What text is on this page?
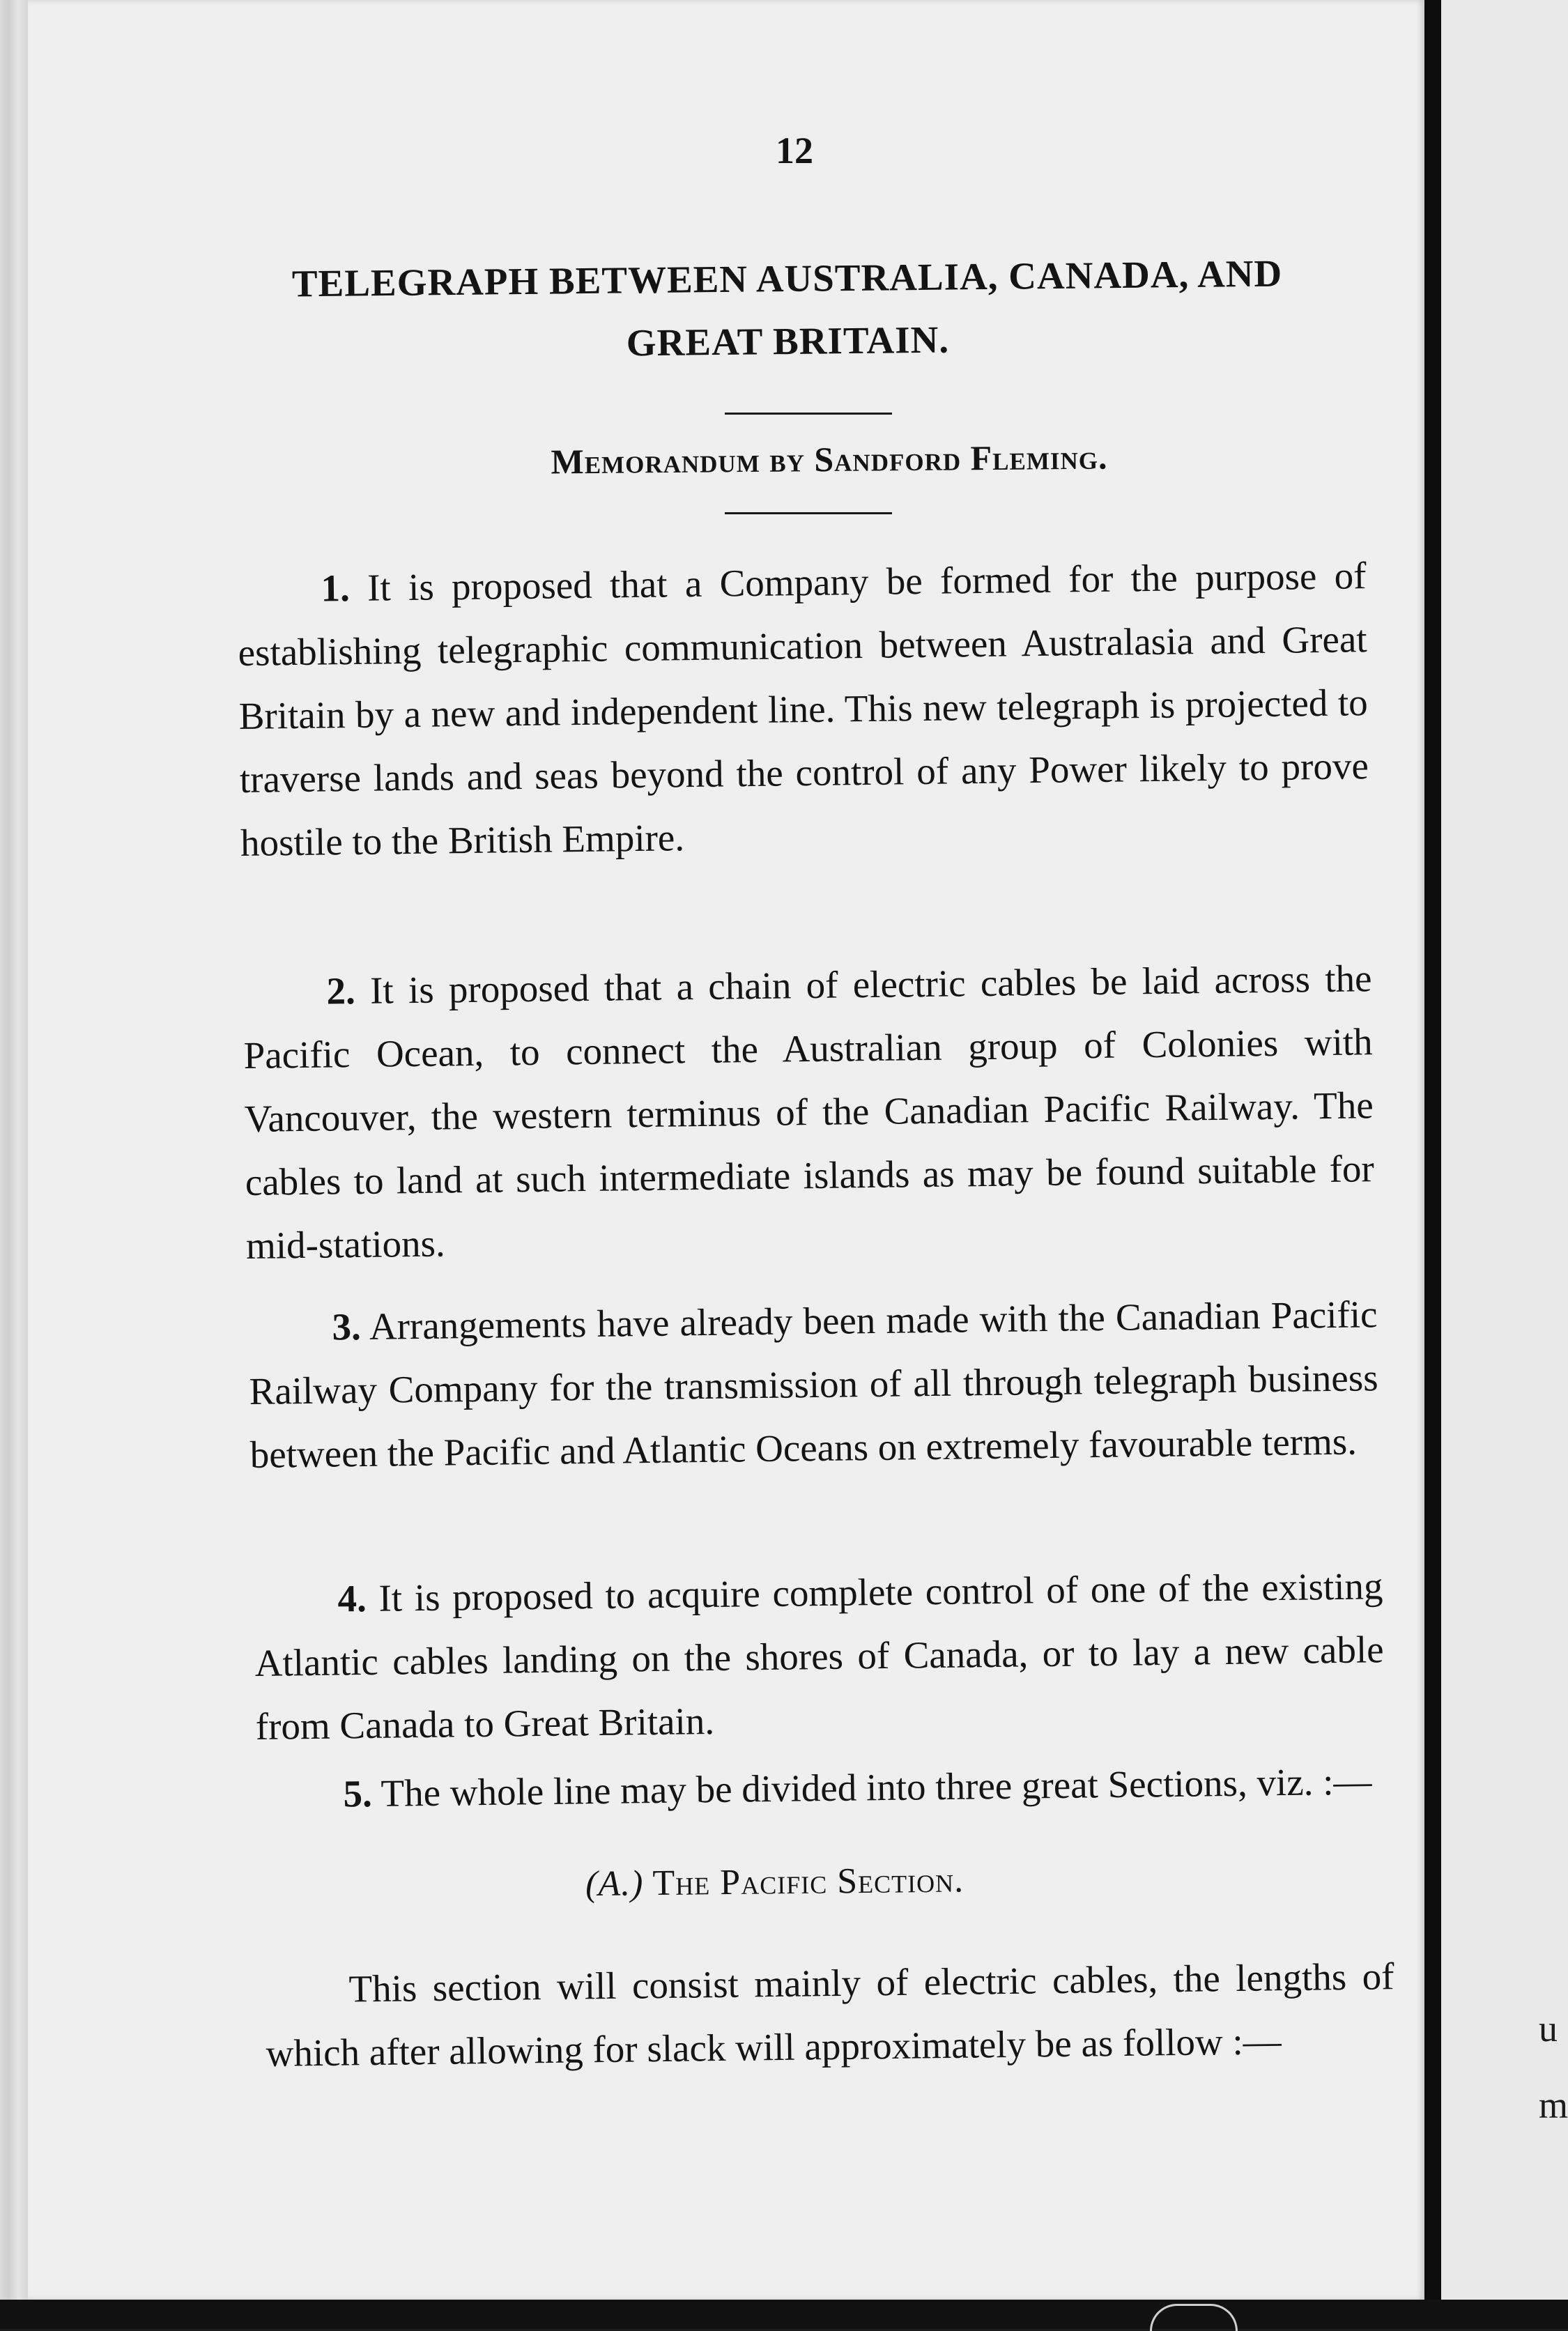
u
m
12
TELEGRAPH BETWEEN AUSTRALIA, CANADA, AND
GREAT BRITAIN.
Memorandum by Sandford Fleming.
1. It is proposed that a Company be formed for the purpose of establishing telegraphic communication between Australasia and Great Britain by a new and independent line. This new telegraph is projected to traverse lands and seas beyond the control of any Power likely to prove hostile to the British Empire.
2. It is proposed that a chain of electric cables be laid across the Pacific Ocean, to connect the Australian group of Colonies with Vancouver, the western terminus of the Canadian Pacific Railway. The cables to land at such intermediate islands as may be found suitable for mid-stations.
3. Arrangements have already been made with the Canadian Pacific Railway Company for the transmission of all through telegraph business between the Pacific and Atlantic Oceans on extremely favourable terms.
4. It is proposed to acquire complete control of one of the existing Atlantic cables landing on the shores of Canada, or to lay a new cable from Canada to Great Britain.
5. The whole line may be divided into three great Sections, viz. :—
(A.) The Pacific Section.
This section will consist mainly of electric cables, the lengths of which after allowing for slack will approximately be as follow :—
